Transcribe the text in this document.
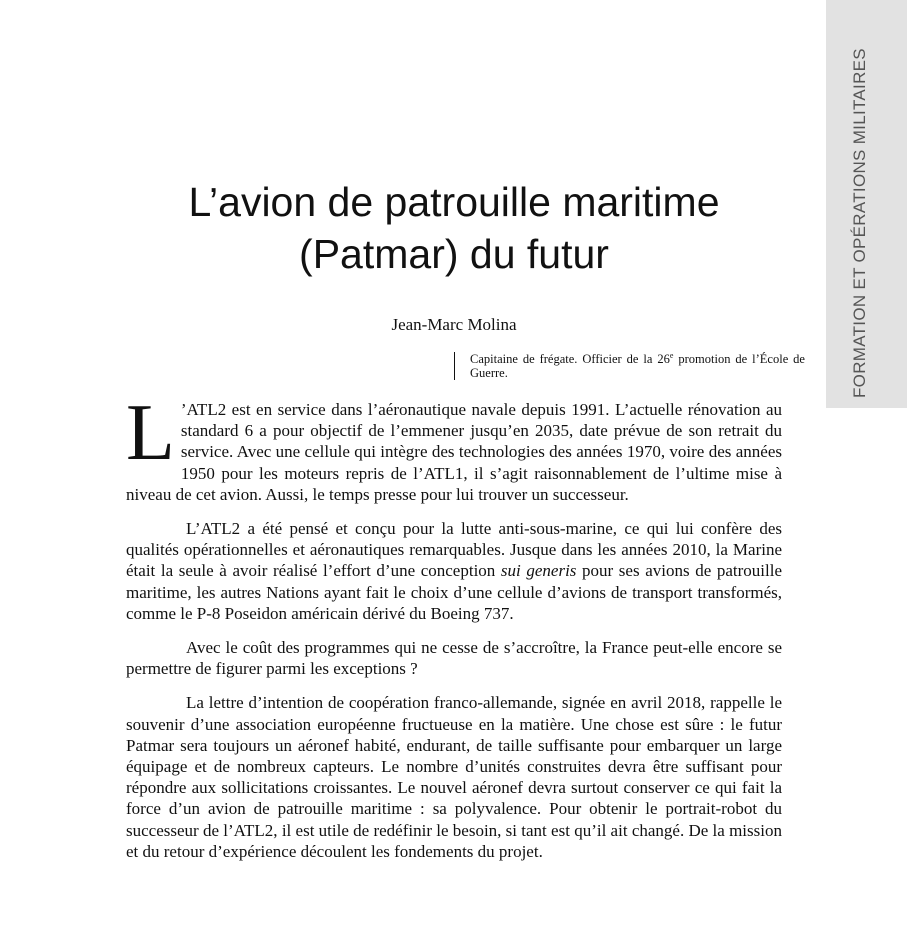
FORMATION ET OPÉRATIONS MILITAIRES
L’avion de patrouille maritime
(Patmar) du futur
Jean-Marc Molina
Capitaine de frégate. Officier de la 26e promotion de l’École de Guerre.

L ’ATL2 est en service dans l’aéronautique navale depuis 1991. L’actuelle rénovation au standard 6 a pour objectif de l’emmener jusqu’en 2035, date prévue de son retrait du service. Avec une cellule qui intègre des technologies des années 1970, voire des années 1950 pour les moteurs repris de l’ATL1, il s’agit raisonnablement de l’ultime mise à niveau de cet avion. Aussi, le temps presse pour lui trouver un successeur.

L’ATL2 a été pensé et conçu pour la lutte anti-sous-marine, ce qui lui confère des qualités opérationnelles et aéronautiques remarquables. Jusque dans les années 2010, la Marine était la seule à avoir réalisé l’effort d’une conception sui generis pour ses avions de patrouille maritime, les autres Nations ayant fait le choix d’une cellule d’avions de transport transformés, comme le P-8 Poseidon américain dérivé du Boeing 737.

Avec le coût des programmes qui ne cesse de s’accroître, la France peut-elle encore se permettre de figurer parmi les exceptions ?

La lettre d’intention de coopération franco-allemande, signée en avril 2018, rappelle le souvenir d’une association européenne fructueuse en la matière. Une chose est sûre : le futur Patmar sera toujours un aéronef habité, endurant, de taille suffisante pour embarquer un large équipage et de nombreux capteurs. Le nombre d’unités construites devra être suffisant pour répondre aux sollicitations croissantes. Le nouvel aéronef devra surtout conserver ce qui fait la force d’un avion de patrouille maritime : sa polyvalence. Pour obtenir le portrait-robot du successeur de l’ATL2, il est utile de redéfinir le besoin, si tant est qu’il ait changé. De la mission et du retour d’expérience découlent les fondements du projet.
